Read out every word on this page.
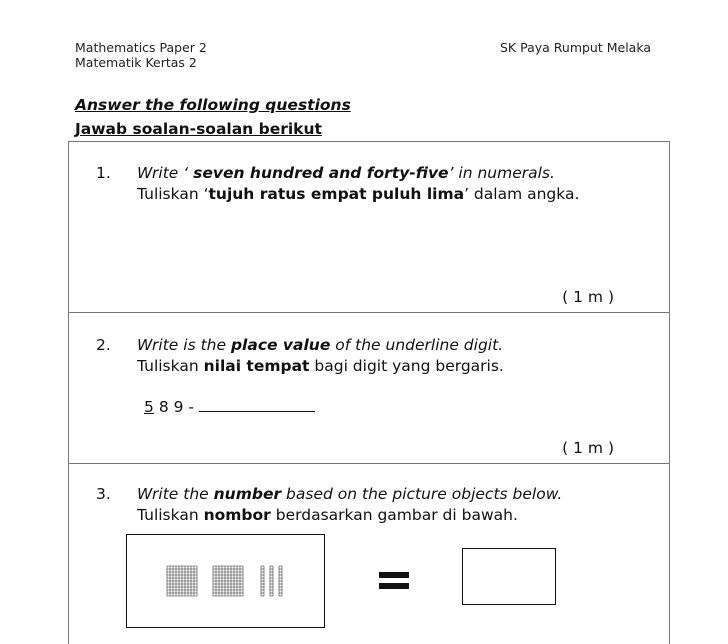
Mathematics Paper 2
Matematik Kertas 2
SK Paya Rumput Melaka
Answer the following questions
Jawab soalan-soalan berikut
1. Write ‘ seven hundred and forty-five’ in numerals.
Tuliskan ‘tujuh ratus empat puluh lima’ dalam angka.
( 1 m )
2. Write is the place value of the underline digit.
Tuliskan nilai tempat bagi digit yang bergaris.
5 8 9 -
( 1 m )
3. Write the number based on the picture objects below.
Tuliskan nombor berdasarkan gambar di bawah.
